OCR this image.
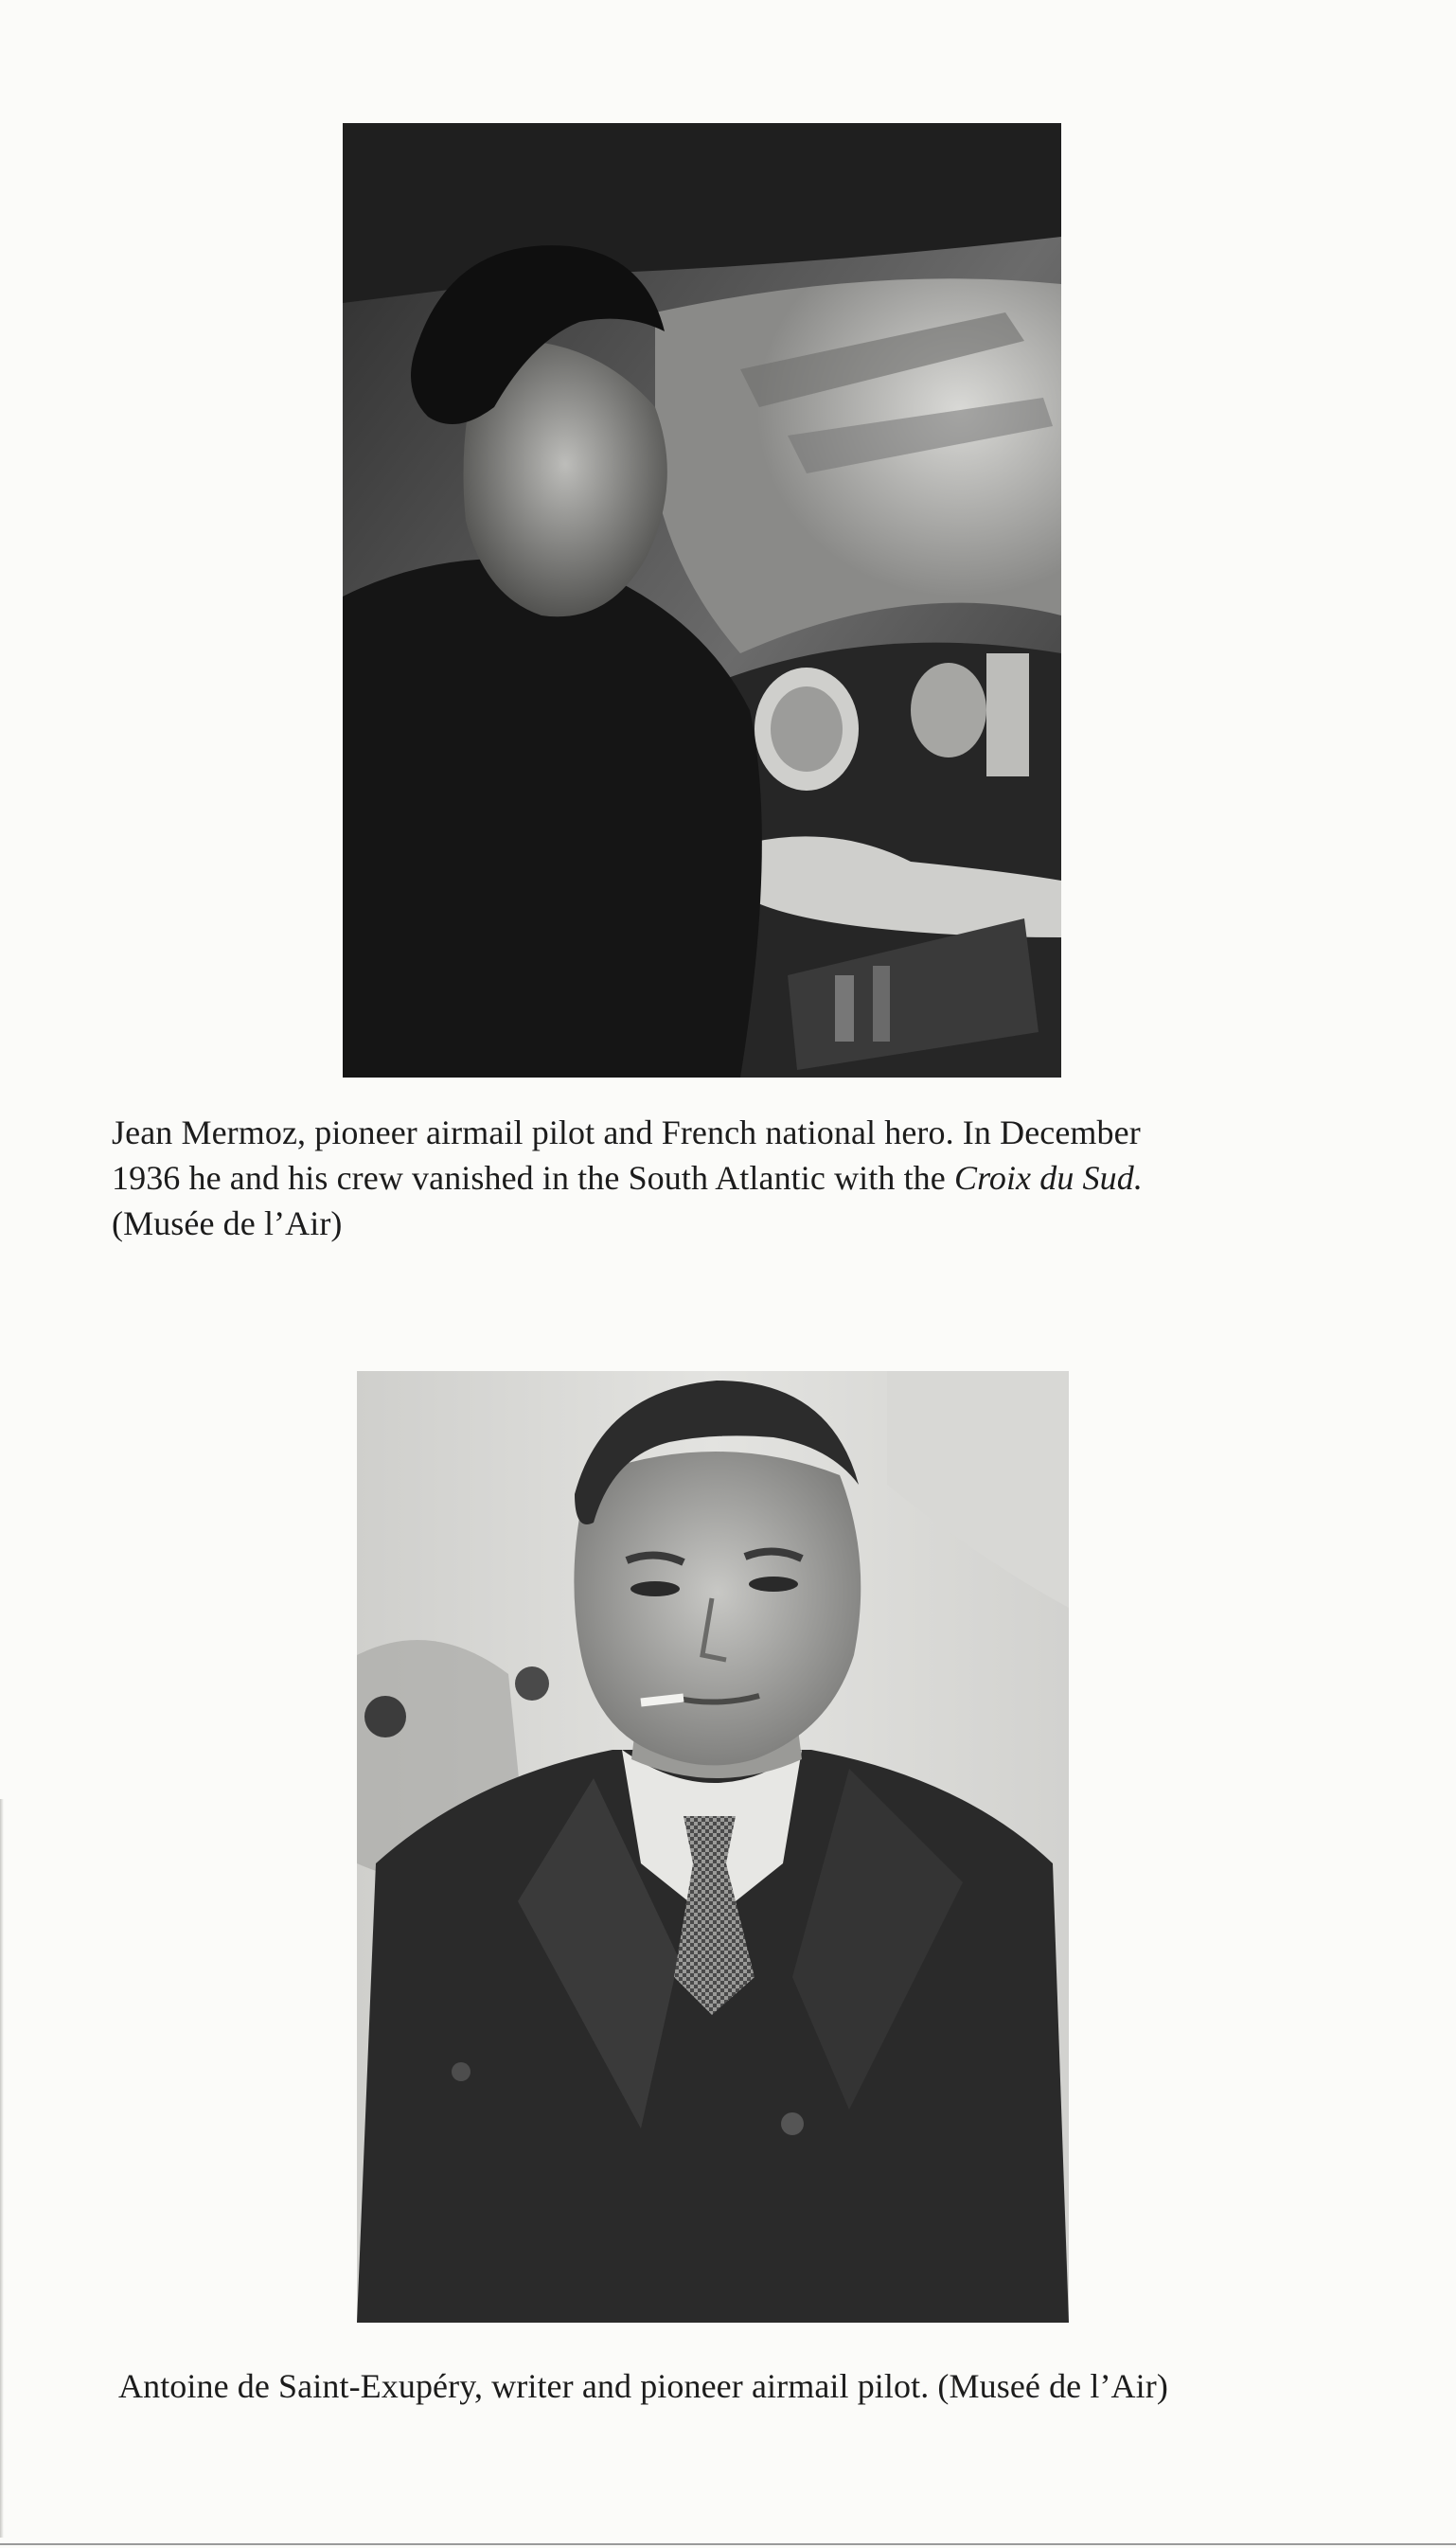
Jean Mermoz, pioneer airmail pilot and French national hero. In December
1936 he and his crew vanished in the South Atlantic with the Croix du Sud.
(Musée de l’Air)
Antoine de Saint-Exupéry, writer and pioneer airmail pilot. (Museé de l’Air)
